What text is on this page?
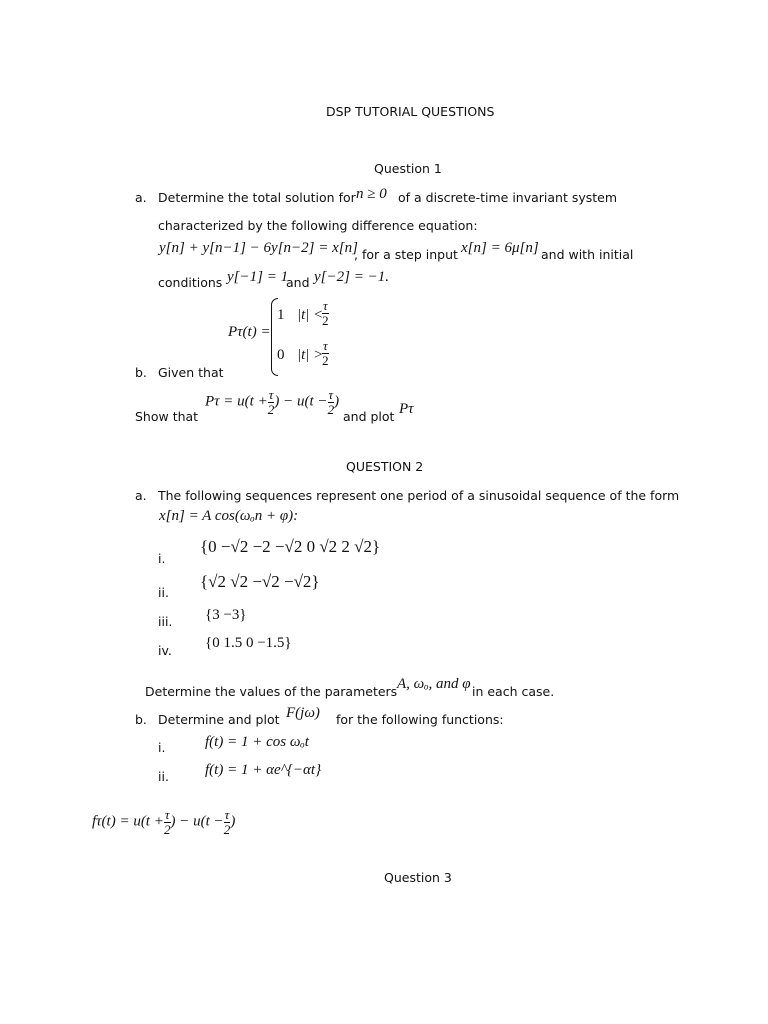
DSP TUTORIAL QUESTIONS
Question 1
a. Determine the total solution for n ≥ 0 of a discrete-time invariant system
characterized by the following difference equation:
y[n] + y[n−1] − 6y[n−2] = x[n]
, for a step input x[n] = 6μ[n] and with initial
conditions y[−1] = 1
and y[−2] = −1.
Pτ(t) =
1 |t| <
$\frac{\tau}{2}$
0 |t| >
$\frac{\tau}{2}$
b. Given that
Show that
$P\tau = u(t + \frac{\tau}{2}$ ) − $u(t - \frac{\tau}{2}$ )
and plot Pτ
QUESTION 2
a. The following sequences represent one period of a sinusoidal sequence of the form
x[n] = A cos(ωₒn + φ):
i.
{0 −√2 −2 −√2 0 √2 2 √2}
ii.
{√2 √2 −√2 −√2}
iii. {3 −3}
iv. {0 1.5 0 −1.5}
Determine the values of the parameters A, ωₒ, and φ in each case.
b. Determine and plot F(jω) for the following functions:
i.	f(t) = 1 + cos ωₒt
ii. f(t) = 1 + αe^{−αt}
$f\tau(t) = u(t + \frac{\tau}{2}$ ) − $u(t - \frac{\tau}{2}$ )
Question 3
